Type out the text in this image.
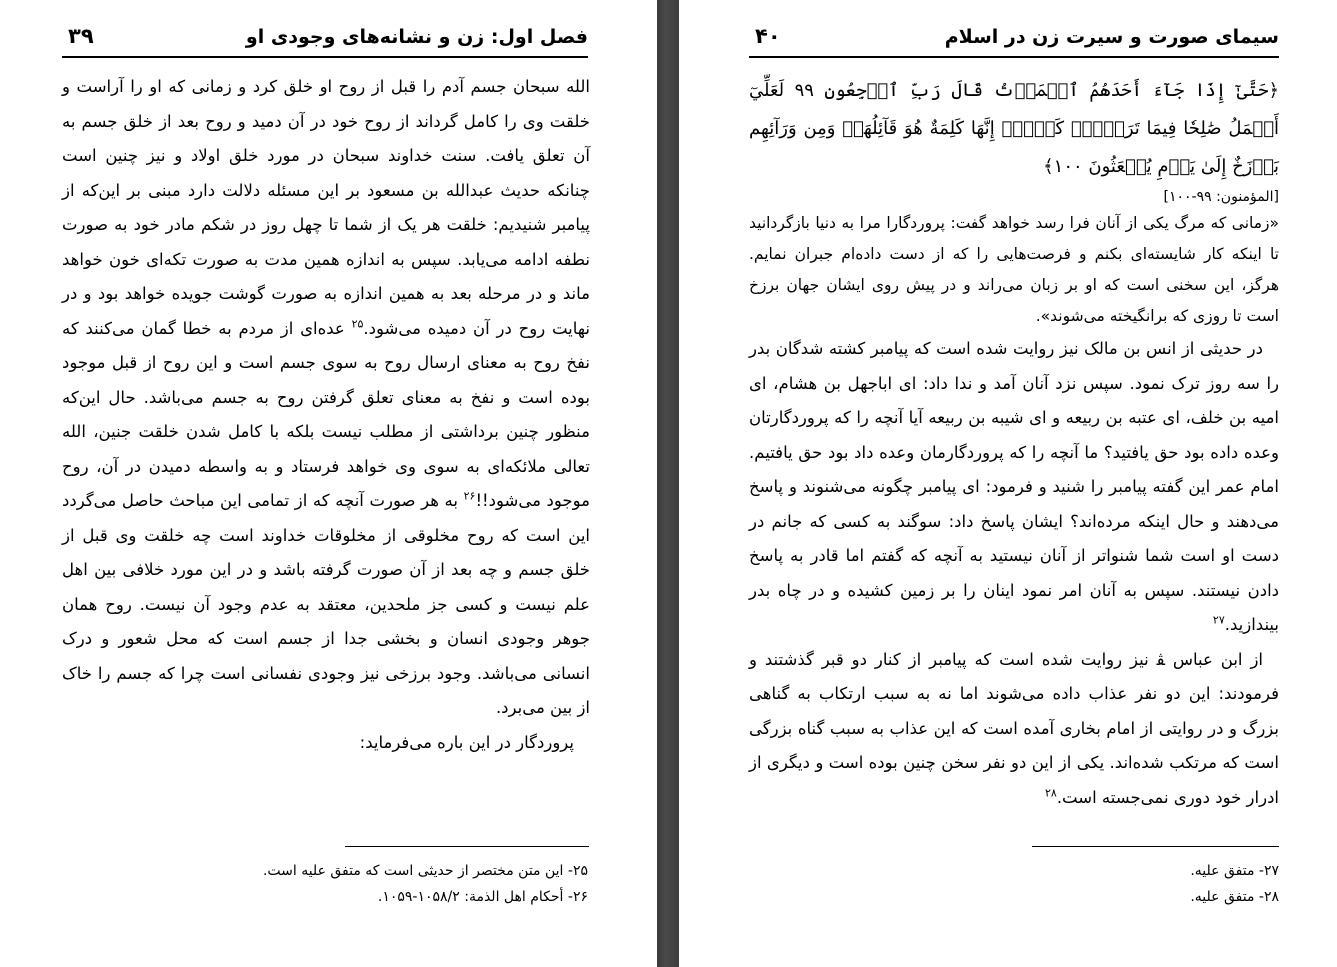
فصل اول: زن و نشانه‌های وجودی او
۳۹

الله سبحان جسم آدم را قبل از روح او خلق کرد و زمانی که او را آراست و خلقت وی را کامل گرداند از روح خود در آن دمید و روح بعد از خلق جسم به آن تعلق یافت. سنت خداوند سبحان در مورد خلق اولاد و نیز چنین است چنانکه حدیث عبدالله بن مسعود بر این مسئله دلالت دارد مبنی بر این‌که از پیامبر شنیدیم: خلقت هر یک از شما تا چهل روز در شکم مادر خود به صورت نطفه ادامه می‌یابد. سپس به اندازه همین مدت به صورت تکه‌ای خون خواهد ماند و در مرحله بعد به همین اندازه به صورت گوشت جویده خواهد بود و در نهایت روح در آن دمیده می‌شود.$^{۲۵}$ عده‌ای از مردم به خطا گمان می‌کنند که نفخ روح به معنای ارسال روح به سوی جسم است و این روح از قبل موجود بوده است و نفخ به معنای تعلق گرفتن روح به جسم می‌باشد. حال این‌که منظور چنین برداشتی از مطلب نیست بلکه با کامل شدن خلقت جنین، الله تعالی ملائکه‌ای به سوی وی خواهد فرستاد و به واسطه دمیدن در آن، روح موجود می‌شود!!$^{۲۶}$ به هر صورت آنچه که از تمامی این مباحث حاصل می‌گردد این است که روح مخلوقی از مخلوقات خداوند است چه خلقت وی قبل از خلق جسم و چه بعد از آن صورت گرفته باشد و در این مورد خلافی بین اهل علم نیست و کسی جز ملحدین، معتقد به عدم وجود آن نیست. روح همان جوهر وجودی انسان و بخشی جدا از جسم است که محل شعور و درک انسانی می‌باشد. وجود برزخی نیز وجودی نفسانی است چرا که جسم را خاک از بین می‌برد.

پروردگار در این باره می‌فرماید:

۲۵- این متن مختصر از حدیثی است که متفق علیه است.
۲۶- أحکام اهل الذمة: ۱۰۵۸/۲-۱۰۵۹.
سیمای صورت و سیرت زن در اسلام
۴۰

﴿حَتَّىٰٓ إِذَا جَآءَ أَحَدَهُمُ ٱلۡمَوۡتُ قَالَ رَبِّ ٱرۡجِعُونِ ٩٩ لَعَلِّيٓ أَعۡمَلُ صَٰلِحٗا فِيمَا تَرَكۡتُۚ كَلَّآۚ إِنَّهَا كَلِمَةٌ هُوَ قَآئِلُهَاۖ وَمِن وَرَآئِهِم بَرۡزَخٌ إِلَىٰ يَوۡمِ يُبۡعَثُونَ ١٠٠﴾

[المؤمنون: ۹۹-۱۰۰]

«زمانی که مرگ یکی از آنان فرا رسد خواهد گفت: پروردگارا مرا به دنیا بازگردانید تا اینکه کار شایسته‌ای بکنم و فرصت‌هایی را که از دست داده‌ام جبران نمایم. هرگز، این سخنی است که او بر زبان می‌راند و در پیش روی ایشان جهان برزخ است تا روزی که برانگیخته می‌شوند».

در حدیثی از انس بن مالک نیز روایت شده است که پیامبر کشته شدگان بدر را سه روز ترک نمود. سپس نزد آنان آمد و ندا داد: ای اباجهل بن هشام، ای امیه بن خلف، ای عتبه بن ربیعه و ای شیبه بن ربیعه آیا آنچه را که پروردگارتان وعده داده بود حق یافتید؟ ما آنچه را که پروردگارمان وعده داد بود حق یافتیم. امام عمر این گفته پیامبر را شنید و فرمود: ای پیامبر چگونه می‌شنوند و پاسخ می‌دهند و حال اینکه مرده‌اند؟ ایشان پاسخ داد: سوگند به کسی که جانم در دست او است شما شنواتر از آنان نیستید به آنچه که گفتم اما قادر به پاسخ دادن نیستند. سپس به آنان امر نمود اینان را بر زمین کشیده و در چاه بدر بیندازید.$^{۲۷}$

از ابن عباس ﭭ نیز روایت شده است که پیامبر از کنار دو قبر گذشتند و فرمودند: این دو نفر عذاب داده می‌شوند اما نه به سبب ارتکاب به گناهی بزرگ و در روایتی از امام بخاری آمده است که این عذاب به سبب گناه بزرگی است که مرتکب شده‌اند. یکی از این دو نفر سخن چنین بوده است و دیگری از ادرار خود دوری نمی‌جسته است.$^{۲۸}$

۲۷- متفق علیه.
۲۸- متفق علیه.
